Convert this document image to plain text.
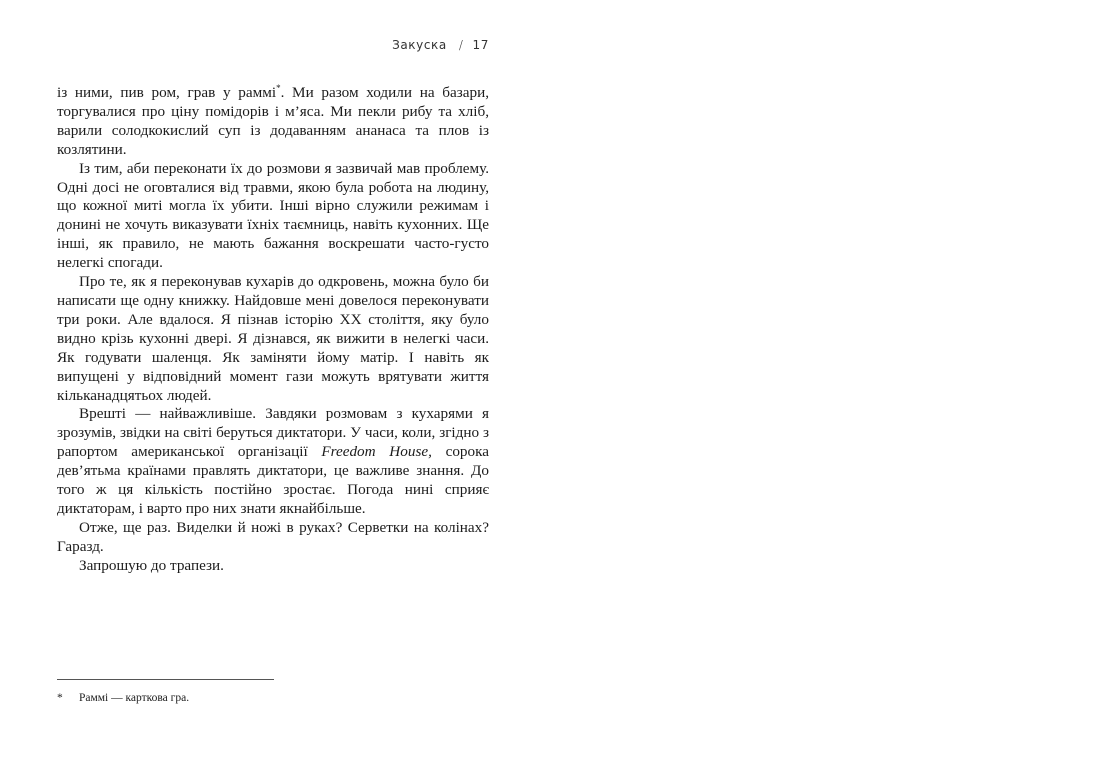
Закуска / 17

із ними, пив ром, грав у раммі*. Ми разом ходили на базари, торгувалися про ціну помідорів і м’яса. Ми пекли рибу та хліб, варили солодкокислий суп із додаванням ананаса та плов із козлятини.

Із тим, аби переконати їх до розмови я зазвичай мав проблему. Одні досі не оговталися від травми, якою була робота на людину, що кожної миті могла їх убити. Інші вірно служили режимам і донині не хочуть виказувати їхніх таємниць, навіть кухонних. Ще інші, як правило, не мають бажання воскрешати часто-густо нелегкі спогади.

Про те, як я переконував кухарів до одкровень, можна було би написати ще одну книжку. Найдовше мені довелося переконувати три роки. Але вдалося. Я пізнав історію ХХ століття, яку було видно крізь кухонні двері. Я дізнався, як вижити в нелегкі часи. Як годувати шаленця. Як заміняти йому матір. І навіть як випущені у відповідний момент гази можуть врятувати життя кільканадцятьох людей.

Врешті — найважливіше. Завдяки розмовам з кухарями я зрозумів, звідки на світі беруться диктатори. У часи, коли, згідно з рапортом американської організації Freedom House, сорока дев’ятьма країнами правлять диктатори, це важливе знання. До того ж ця кількість постійно зростає. Погода нині сприяє диктаторам, і варто про них знати якнайбільше.

Отже, ще раз. Виделки й ножі в руках? Серветки на колінах? Гаразд.

Запрошую до трапези.

* Раммі — карткова гра.
